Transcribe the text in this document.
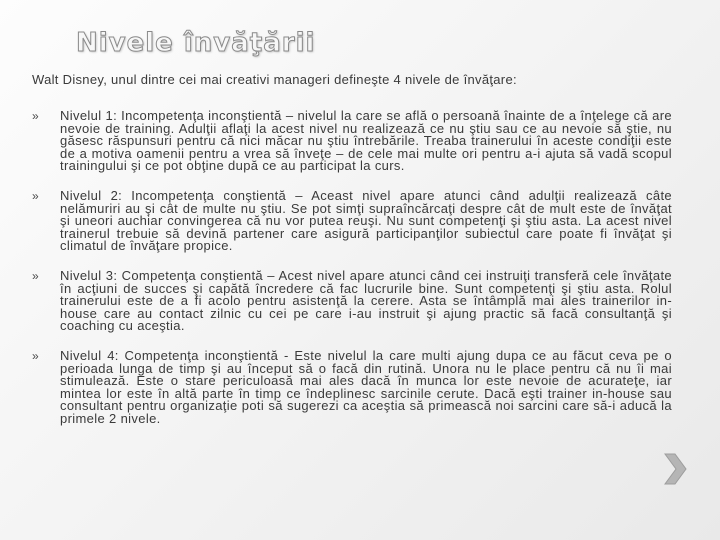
Nivele învăţării

Walt Disney, unul dintre cei mai creativi manageri defineşte 4 nivele de învăţare:

» Nivelul 1: Incompetenţa inconştientă – nivelul la care se află o persoană înainte de a înţelege că are nevoie de training. Adulţii aflaţi la acest nivel nu realizează ce nu ştiu sau ce au nevoie să ştie, nu găsesc răspunsuri pentru că nici măcar nu ştiu întrebările. Treaba trainerului în aceste condiţii este de a motiva oamenii pentru a vrea să înveţe – de cele mai multe ori pentru a-i ajuta să vadă scopul trainingului şi ce pot obţine după ce au participat la curs.
» Nivelul 2: Incompetenţa conştientă – Aceast nivel apare atunci când adulţii realizează câte nelămuriri au şi cât de multe nu ştiu. Se pot simţi supraîncărcaţi despre cât de mult este de învăţat şi uneori auchiar convingerea că nu vor putea reuşi. Nu sunt competenţi şi ştiu asta. La acest nivel trainerul trebuie să devină partener care asigură participanţilor subiectul care poate fi învăţat şi climatul de învăţare propice.
» Nivelul 3: Competenţa conştientă – Acest nivel apare atunci când cei instruiţi transferă cele învăţate în acţiuni de succes şi capătă încredere că fac lucrurile bine. Sunt competenţi şi ştiu asta. Rolul trainerului este de a fi acolo pentru asistenţă la cerere. Asta se întâmplă mai ales trainerilor in-house care au contact zilnic cu cei pe care i-au instruit şi ajung practic să facă consultanţă şi coaching cu aceştia.
» Nivelul 4: Competenţa inconştientă - Este nivelul la care multi ajung dupa ce au făcut ceva pe o perioada lunga de timp şi au început să o facă din rutină. Unora nu le place pentru că nu îi mai stimulează. Este o stare periculoasă mai ales dacă în munca lor este nevoie de acurateţe, iar mintea lor este în altă parte în timp ce îndeplinesc sarcinile cerute. Dacă eşti trainer in-house sau consultant pentru organizaţie poti să sugerezi ca aceştia să primească noi sarcini care să-i aducă la primele 2 nivele.
